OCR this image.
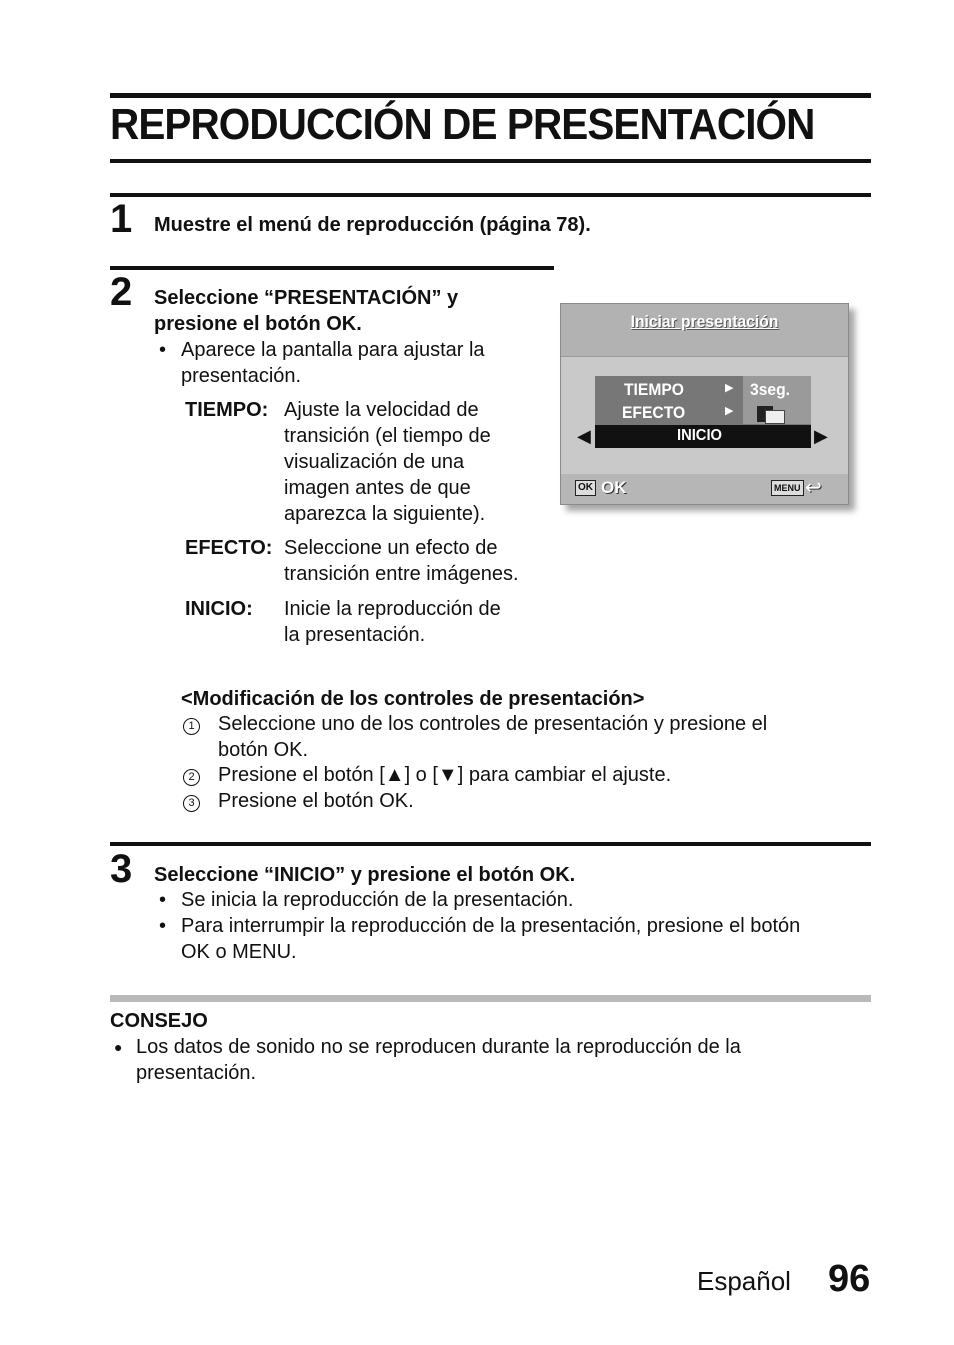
REPRODUCCIÓN DE PRESENTACIÓN
1 Muestre el menú de reproducción (página 78).
2 Seleccione “PRESENTACIÓN” y
presione el botón OK.
• Aparece la pantalla para ajustar la
presentación.
TIEMPO: Ajuste la velocidad de
transición (el tiempo de
visualización de una
imagen antes de que
aparezca la siguiente).
EFECTO: Seleccione un efecto de
transición entre imágenes.
INICIO: Inicie la reproducción de
la presentación.
Iniciar presentación
TIEMPO
EFECTO
▶
▶
3seg.
INICIO
◀	▶
OK OK	MENU ↩
<Modificación de los controles de presentación>
1 Seleccione uno de los controles de presentación y presione el
botón OK.
2 Presione el botón [▲] o [▼] para cambiar el ajuste.
3 Presione el botón OK.
3 Seleccione “INICIO” y presione el botón OK.
• Se inicia la reproducción de la presentación.
• Para interrumpir la reproducción de la presentación, presione el botón
OK o MENU.
CONSEJO
● Los datos de sonido no se reproducen durante la reproducción de la
presentación.
Español 96
